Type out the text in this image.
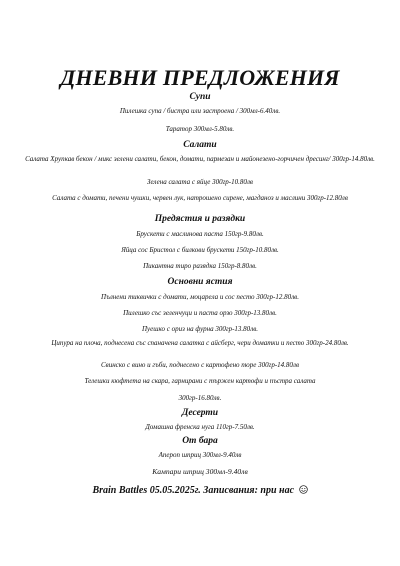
ДНЕВНИ ПРЕДЛОЖЕНИЯ
Супи
Пилешка супа / бистра или застроена / 300мл-6.40лв.
Таратор 300мл-5.80лв.
Салати
Салата Хрупкав бекон / микс зелени салати, бекон, домати, пармезан и майонезено-горчичен дресинг/ 300гр-14.80лв.
Зелена салата с яйце 300гр-10.80лв
Салата с домати, печени чушки, червен лук, натрошено сирене, магданоз и маслини 300гр-12.80лв
Предястия и разядки
Брускети с маслинова паста 150гр-9.80лв.
Яйца сос Бристол с билкови брускети 150гр-10.80лв.
Пикантна тиро разядка 150гр-8.80лв.
Основни ястия
Пълнени тиквички с домати, моцарела и сос песто 300гр-12.80лв.
Пилешко със зеленчуци и паста орзо 300гр-13.80лв.
Пуешко с ориз на фурна 300гр-13.80лв.
Ципура на плоча, поднесена със спаначена салатка с айсберг, чери доматки и песто 300гр-24.80лв.
Свинско с вино и гъби, поднесено с картофено пюре 300гр-14.80лв
Телешки кюфтета на скара, гарнирани с тържен картофи и пъстра салата
300гр-16.80лв.
Десерти
Домашна френска нуга 110гр-7.50лв.
От бара
Апероп шприц 300мл-9.40лв
Кампари шприц 300мл-9.40лв
Brain Battles 05.05.2025г. Записвания: при нас
